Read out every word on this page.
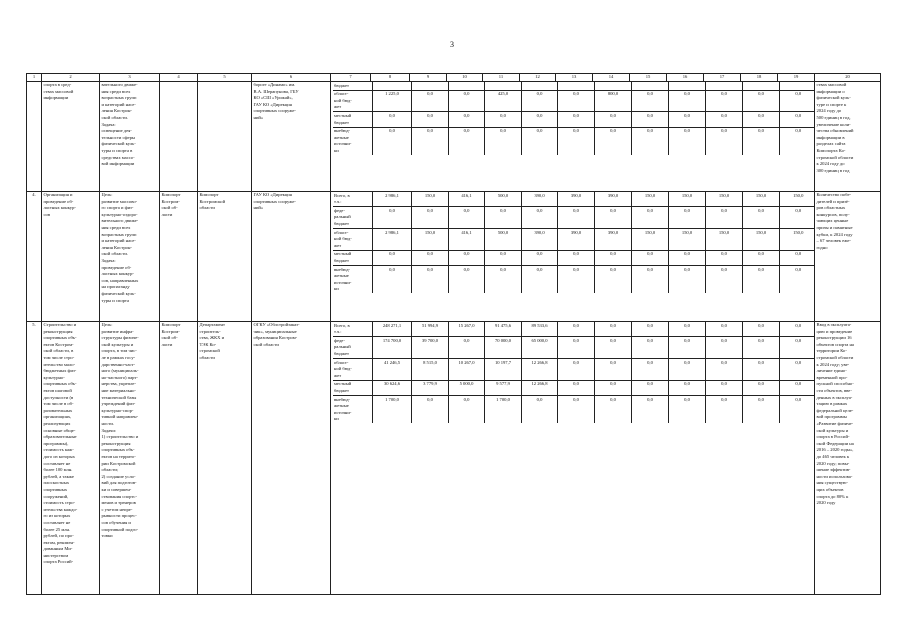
3
1	2	3	4	5	6	7	8	9	10	11	12	13	14	15	16	17	18	19	20
	спорта в сред-
ствах массовой
информации	вательного движе-
ния среди всех
возрастных групп
и категорий насе-
ления Кострон-
ской области.
Задача:
освещение дея-
тельности сферы
физической куль-
туры и спорта в
средствах массо-
вой информации			бороге «Динамо» им.
В.А. Шерапунова, ГБУ
КО «СШ «Урожай»,
ГАУ КО «Дирекция
спортивных сооруже-
ний»	
бюджет												
област-
ной бюд-
жет	1 225,0	0,0	0,0	425,0	0,0	0,0	800,0	0,0	0,0	0,0	0,0	0,0
местный
бюджет	0,0	0,0	0,0	0,0	0,0	0,0	0,0	0,0	0,0	0,0	0,0	0,0
внебюд-
жетные
источни-
ки	0,0	0,0	0,0	0,0	0,0	0,0	0,0	0,0	0,0	0,0	0,0	0,0
	ствах массовой
информации о
физической куль-
туре и спорте к
2024 году до
500 единиц в год,
увеличение коли-
чества обновлений
информации в
разделах сайта
Комспорта Ко-
стромской области
к 2024 году до
300 единиц в год
4.	Организация и
проведение об-
ластных конкур-
сов	Цель:
развитие массово-
го спорта и физ-
культурно-оздоро-
вительного движе-
ния среди всех
возрастных групп
и категорий насе-
ления Кострон-
ской области.
Задача:
проведение об-
ластных конкур-
сов, направленных
на пропаганду
физической куль-
туры и спорта	Комспорт
Костром-
ской об-
ласти	Комспорт
Костромской
области	ГАУ КО «Дирекция
спортивных сооруже-
ний»	
Всего, в
т.ч.:	2 986,1	150,0	416,1	500,0	390,0	390,0	390,0	150,0	150,0	150,0	150,0	150,0
феде-
ральный
бюджет	0,0	0,0	0,0	0,0	0,0	0,0	0,0	0,0	0,0	0,0	0,0	0,0
област-
ной бюд-
жет	2 986,1	150,0	416,1	500,0	390,0	390,0	390,0	150,0	150,0	150,0	150,0	150,0
местный
бюджет	0,0	0,0	0,0	0,0	0,0	0,0	0,0	0,0	0,0	0,0	0,0	0,0
внебюд-
жетные
источни-
ки	0,0	0,0	0,0	0,0	0,0	0,0	0,0	0,0	0,0	0,0	0,0	0,0
	Количество побе-
дителей и призё-
ров областных
конкурсов, полу-
чающих ценные
призы и памятные
кубки, к 2024 году
– 67 человек еже-
годно
5.	Строительство и
реконструкция
спортивных объ-
ектов Костром-
ской области, в
том числе стро-
ительство мало-
бюджетных физ-
культурно-
спортивных объ-
ектов шаговой
доступности (в
том числе в об-
разовательных
организациях,
реализующих
основные обще-
образовательные
программы),
стоимость каж-
дого из которых
составляет не
более 100 млн.
рублей, а также
плоскостных
спортивных
сооружений,
стоимость стро-
ительства каждо-
го из которых
составляет не
более 25 млн.
рублей, по про-
ектам, рекомен-
дованным Ми-
нистерством
спорта Россий-	Цель:
развитие инфра-
структуры физиче-
ской культуры и
спорта, в том чис-
ле в рамках госу-
дарственно-част-
ного (муниципаль-
но-частного) парт-
нерства, укрепле-
ние материально-
технической базы
учреждений физ-
культурно-спор-
тивной направлен-
ности.
Задачи:
1) строительство и
реконструкция
спортивных объ-
ектов на террито-
рии Костромской
области;
2) создание усло-
вий для подготов-
ки и совершен-
ствования спортс-
менов и тренеров
с учетом непре-
рывности процес-
сов обучения и
спортивной подго-
товки	Комспорт
Костром-
ской об-
ласти	Департамент
строитель-
ства, ЖКХ и
ТЭК Ко-
стромской
области	ОГКУ «Облстройзаказ-
чик», муниципальные
образования Костром-
ской области	
Всего, в
т.ч.:	248 271,1	51 994,9	15 267,0	91 475,6	89 533,6	0,0	0,0	0,0	0,0	0,0	0,0	0,0
феде-
ральный
бюджет	174 700,0	39 700,0	0,0	70 000,0	65 000,0	0,0	0,0	0,0	0,0	0,0	0,0	0,0
област-
ной бюд-
жет	41 246,5	8 515,0	10 267,0	10 197,7	12 266,8	0,0	0,0	0,0	0,0	0,0	0,0	0,0
местный
бюджет	30 624,6	3 779,9	5 000,0	9 577,9	12 266,8	0,0	0,0	0,0	0,0	0,0	0,0	0,0
внебюд-
жетные
источни-
ки	1 700,0	0,0	0,0	1 700,0	0,0	0,0	0,0	0,0	0,0	0,0	0,0	0,0
	Ввод в эксплуата-
цию и проведение
реконструкции 16
объектов спорта на
территории Ко-
стромской области
к 2024 году; уве-
личение едино-
временной про-
пускной способно-
сти объектов, вве-
денных в эксплуа-
тацию в рамках
федеральной целе-
вой программы
«Развитие физиче-
ской культуры и
спорта в Россий-
ской Федерации на
2016 – 2020 годы»,
до 465 человек к
2020 году; повы-
шение эффектив-
ности использова-
ния существую-
щих объектов
спорта до 80% к
2020 году
